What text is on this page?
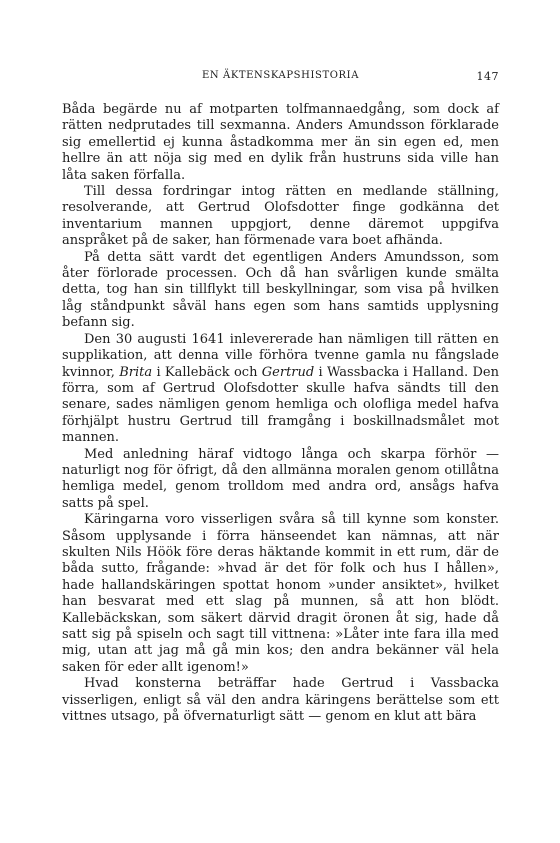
EN ÄKTENSKAPSHISTORIA	147

Båda begärde nu af motparten tolfmannaedgång, som dock af rätten nedprutades till sexmanna. Anders Amundsson förklarade sig emellertid ej kunna åstadkomma mer än sin egen ed, men hellre än att nöja sig med en dylik från hustruns sida ville han låta saken förfalla.

Till dessa fordringar intog rätten en medlande ställning, resolverande, att Gertrud Olofsdotter finge godkänna det inventarium mannen uppgjort, denne däremot uppgifva anspråket på de saker, han förmenade vara boet afhända.

På detta sätt vardt det egentligen Anders Amundsson, som åter förlorade processen. Och då han svårligen kunde smälta detta, tog han sin tillflykt till beskyllningar, som visa på hvilken låg ståndpunkt såväl hans egen som hans samtids upplysning befann sig.

Den 30 augusti 1641 inlevererade han nämligen till rätten en supplikation, att denna ville förhöra tvenne gamla nu fångslade kvinnor, Brita i Kallebäck och Gertrud i Wassbacka i Halland. Den förra, som af Gertrud Olofsdotter skulle hafva sändts till den senare, sades nämligen genom hemliga och olofliga medel hafva förhjälpt hustru Gertrud till framgång i boskillnadsmålet mot mannen.

Med anledning häraf vidtogo långa och skarpa förhör — naturligt nog för öfrigt, då den allmänna moralen genom otillåtna hemliga medel, genom trolldom med andra ord, ansågs hafva satts på spel.

Käringarna voro visserligen svåra så till kynne som konster. Såsom upplysande i förra hänseendet kan nämnas, att när skulten Nils Höök före deras häktande kommit in ett rum, där de båda sutto, frågande: »hvad är det för folk och hus I hållen», hade hallandskäringen spottat honom »under ansiktet», hvilket han besvarat med ett slag på munnen, så att hon blödt. Kallebäckskan, som säkert därvid dragit öronen åt sig, hade då satt sig på spiseln och sagt till vittnena: »Låter inte fara illa med mig, utan att jag må gå min kos; den andra bekänner väl hela saken för eder allt igenom!»

Hvad konsterna beträffar hade Gertrud i Vassbacka visserligen, enligt så väl den andra käringens berättelse som ett vittnes utsago, på öfvernaturligt sätt — genom en klut att bära
